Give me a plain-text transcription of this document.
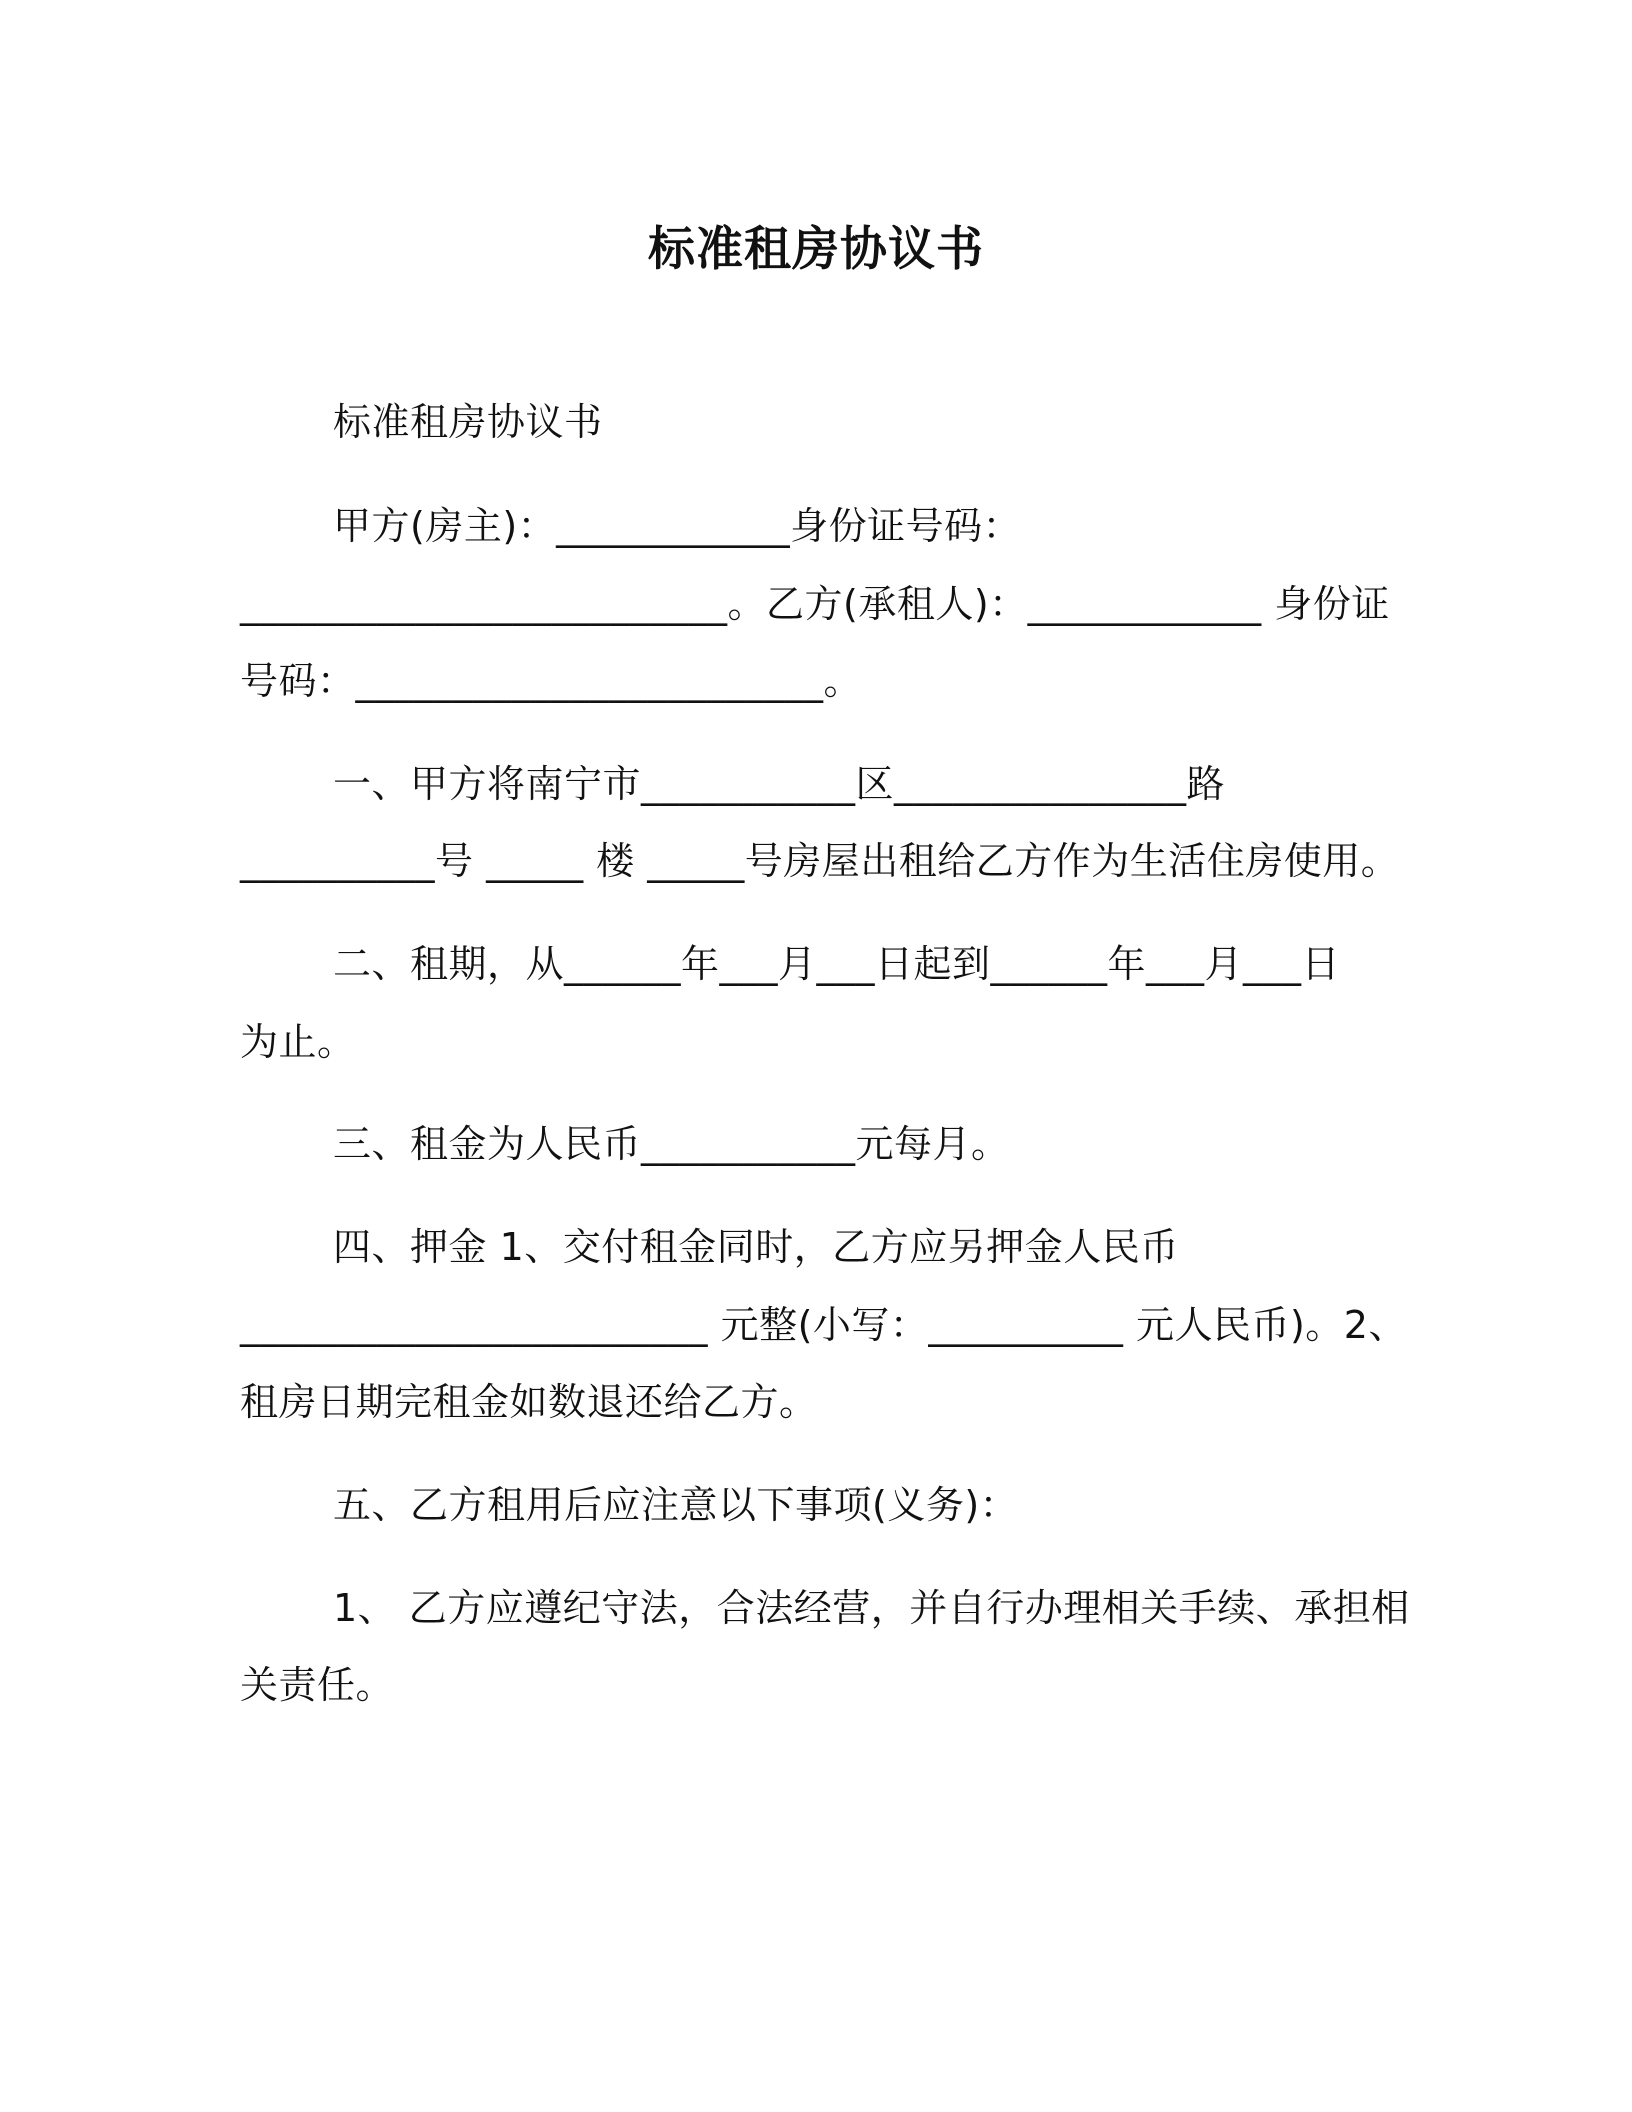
标准租房协议书
标准租房协议书
甲方(房主)：____________身份证号码：
_________________________。乙方(承租人)：____________ 身份证
号码：________________________。
一、甲方将南宁市___________区_______________路
__________号 _____ 楼 _____号房屋出租给乙方作为生活住房使用。
二、租期，从______年___月___日起到______年___月___日
为止。
三、租金为人民币___________元每月。
四、押金 1、交付租金同时，乙方应另押金人民币
________________________ 元整(小写：__________ 元人民币)。2、
租房日期完租金如数退还给乙方。
五、乙方租用后应注意以下事项(义务)：
1、 乙方应遵纪守法，合法经营，并自行办理相关手续、承担相
关责任。
